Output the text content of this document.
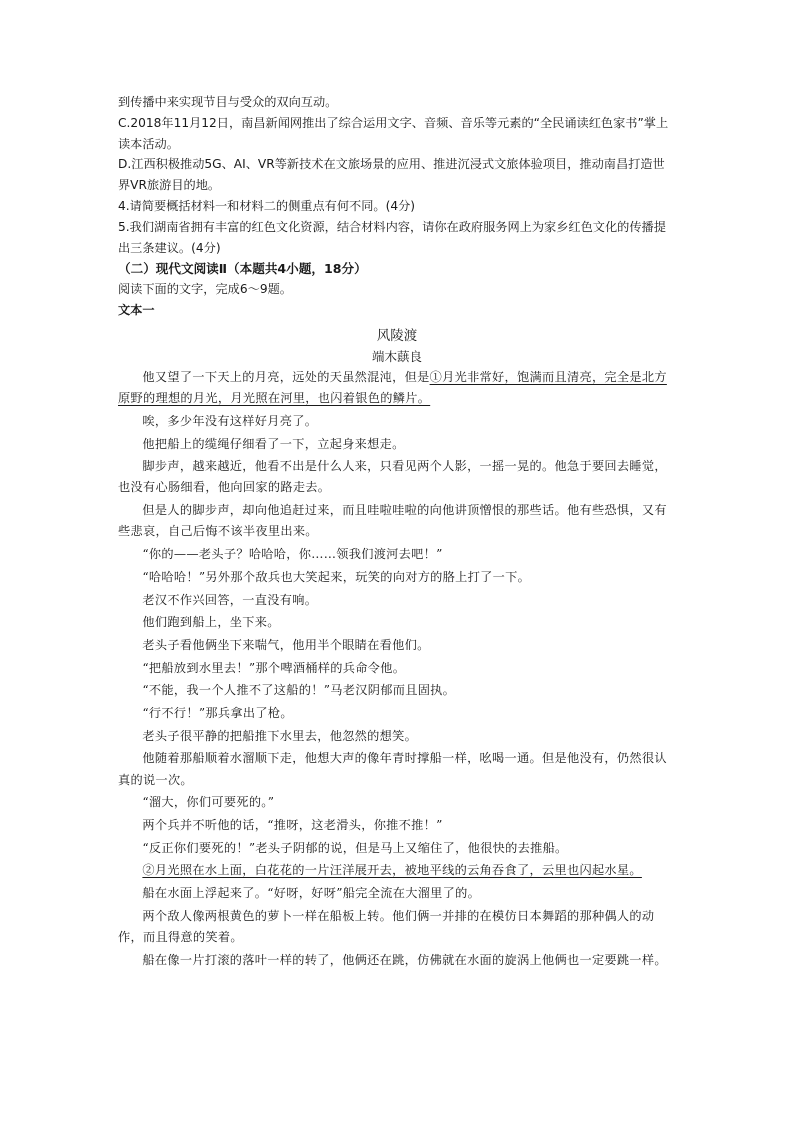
到传播中来实现节目与受众的双向互动。

C.2018年11月12日，南昌新闻网推出了综合运用文字、音频、音乐等元素的“全民诵读红色家书”掌上读本活动。

D.江西积极推动5G、AI、VR等新技术在文旅场景的应用、推进沉浸式文旅体验项目，推动南昌打造世界VR旅游目的地。

4.请简要概括材料一和材料二的侧重点有何不同。(4分)

5.我们湖南省拥有丰富的红色文化资源，结合材料内容，请你在政府服务网上为家乡红色文化的传播提出三条建议。(4分)

（二）现代文阅读Ⅱ（本题共4小题，18分）

阅读下面的文字，完成6～9题。

文本一

风陵渡

端木蕻良

他又望了一下天上的月亮，远处的天虽然混沌，但是①月光非常好，饱满而且清亮，完全是北方原野的理想的月光，月光照在河里，也闪着银色的鳞片。

唉，多少年没有这样好月亮了。

他把船上的缆绳仔细看了一下，立起身来想走。

脚步声，越来越近，他看不出是什么人来，只看见两个人影，一摇一晃的。他急于要回去睡觉，也没有心肠细看，他向回家的路走去。

但是人的脚步声，却向他追赶过来，而且哇啦哇啦的向他讲顶憎恨的那些话。他有些恐惧，又有些悲哀，自己后悔不该半夜里出来。

“你的——老头子？哈哈哈，你……领我们渡河去吧！”

“哈哈哈！”另外那个敌兵也大笑起来，玩笑的向对方的胳上打了一下。

老汉不作兴回答，一直没有响。

他们跑到船上，坐下来。

老头子看他俩坐下来喘气，他用半个眼睛在看他们。

“把船放到水里去！”那个啤酒桶样的兵命令他。

“不能，我一个人推不了这船的！”马老汉阴郁而且固执。

“行不行！”那兵拿出了枪。

老头子很平静的把船推下水里去，他忽然的想笑。

他随着那船顺着水溜顺下走，他想大声的像年青时撑船一样，吆喝一通。但是他没有，仍然很认真的说一次。

“溜大，你们可要死的。”

两个兵并不听他的话，“推呀，这老滑头，你推不推！”

“反正你们要死的！”老头子阴郁的说，但是马上又缩住了，他很快的去推船。

②月光照在水上面，白花花的一片汪洋展开去，被地平线的云角吞食了，云里也闪起水星。

船在水面上浮起来了。“好呀，好呀”船完全流在大溜里了的。

两个敌人像两根黄色的萝卜一样在船板上转。他们俩一并排的在模仿日本舞蹈的那种偶人的动作，而且得意的笑着。

船在像一片打滚的落叶一样的转了，他俩还在跳，仿佛就在水面的旋涡上他俩也一定要跳一样。
